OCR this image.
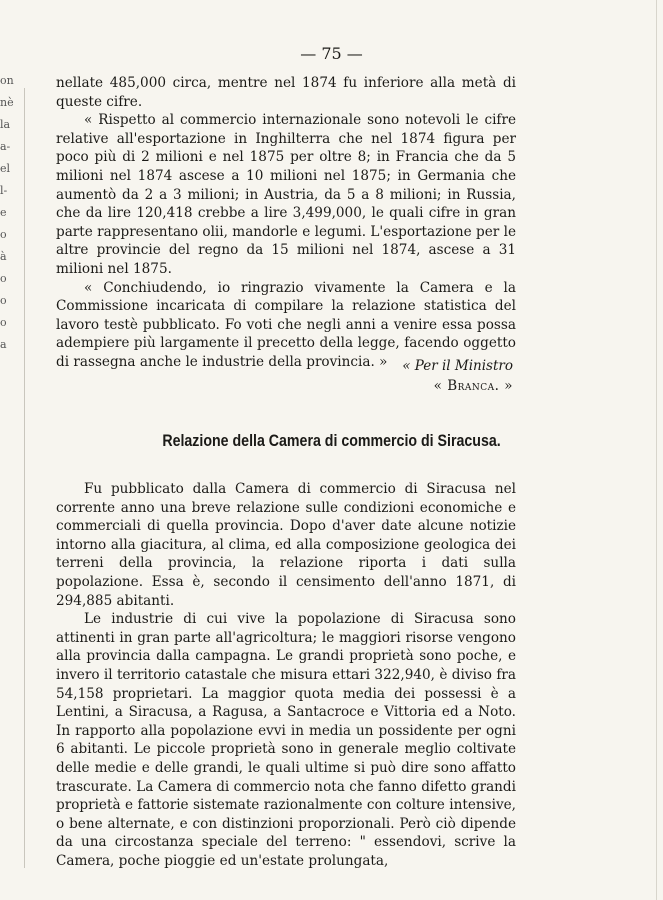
on
nè
la
a-
el
l-
e
o
à
o
o
o
a
— 75 —

nellate 485,000 circa, mentre nel 1874 fu inferiore alla metà di queste cifre.

« Rispetto al commercio internazionale sono notevoli le cifre relative all'esportazione in Inghilterra che nel 1874 figura per poco più di 2 milioni e nel 1875 per oltre 8; in Francia che da 5 milioni nel 1874 ascese a 10 milioni nel 1875; in Germania che aumentò da 2 a 3 milioni; in Austria, da 5 a 8 milioni; in Russia, che da lire 120,418 crebbe a lire 3,499,000, le quali cifre in gran parte rappresentano olii, mandorle e legumi. L'esportazione per le altre provincie del regno da 15 milioni nel 1874, ascese a 31 milioni nel 1875.

« Conchiudendo, io ringrazio vivamente la Camera e la Commissione incaricata di compilare la relazione statistica del lavoro testè pubblicato. Fo voti che negli anni a venire essa possa adempiere più largamente il precetto della legge, facendo oggetto di rassegna anche le industrie della provincia. »	« Per il Ministro
« Branca. »
Relazione della Camera di commercio di Siracusa.

Fu pubblicato dalla Camera di commercio di Siracusa nel corrente anno una breve relazione sulle condizioni economiche e commerciali di quella provincia. Dopo d'aver date alcune notizie intorno alla giacitura, al clima, ed alla composizione geologica dei terreni della provincia, la relazione riporta i dati sulla popolazione. Essa è, secondo il censimento dell'anno 1871, di 294,885 abitanti.

Le industrie di cui vive la popolazione di Siracusa sono attinenti in gran parte all'agricoltura; le maggiori risorse vengono alla provincia dalla campagna. Le grandi proprietà sono poche, e invero il territorio catastale che misura ettari 322,940, è diviso fra 54,158 proprietari. La maggior quota media dei possessi è a Lentini, a Siracusa, a Ragusa, a Santacroce e Vittoria ed a Noto. In rapporto alla popolazione evvi in media un possidente per ogni 6 abitanti. Le piccole proprietà sono in generale meglio coltivate delle medie e delle grandi, le quali ultime si può dire sono affatto trascurate. La Camera di commercio nota che fanno difetto grandi proprietà e fattorie sistemate razionalmente con colture intensive, o bene alternate, e con distinzioni proporzionali. Però ciò dipende da una circostanza speciale del terreno: " essendovi, scrive la Camera, poche pioggie ed un'estate prolungata,
